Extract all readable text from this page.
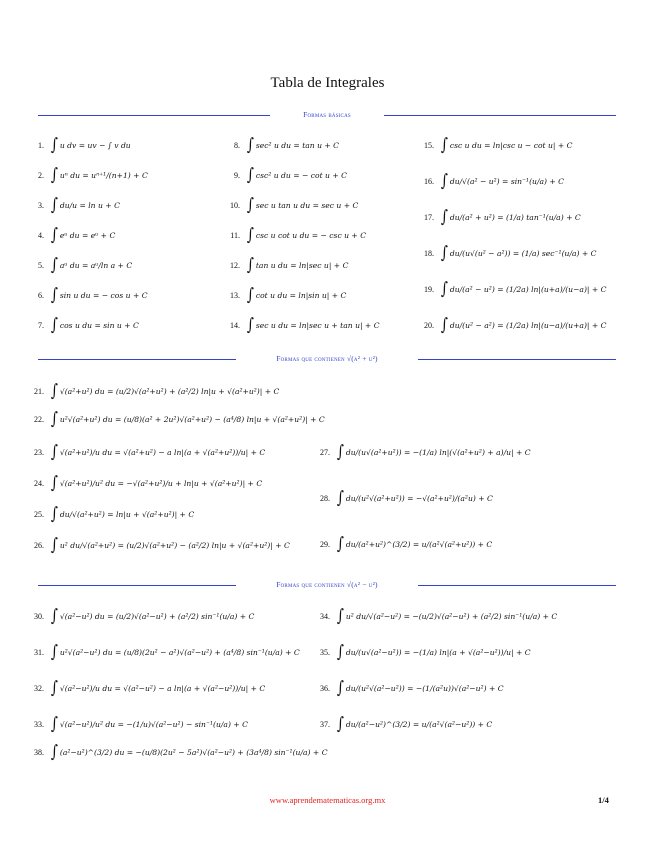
Tabla de Integrales
Formas básicas
Formas que contienen √(a² + u²)
Formas que contienen √(a² − u²)
1. ∫ u dv = uv − ∫ v du
2. ∫ uⁿ du = uⁿ⁺¹/(n+1) + C
3. ∫ du/u = ln u + C
4. ∫ eᵘ du = eᵘ + C
5. ∫ aᵘ du = aᵘ/ln a + C
6. ∫ sin u du = − cos u + C
7. ∫ cos u du = sin u + C
8. ∫ sec² u du = tan u + C
9. ∫ csc² u du = − cot u + C
10. ∫ sec u tan u du = sec u + C
11. ∫ csc u cot u du = − csc u + C
12. ∫ tan u du = ln|sec u| + C
13. ∫ cot u du = ln|sin u| + C
14. ∫ sec u du = ln|sec u + tan u| + C
15. ∫ csc u du = ln|csc u − cot u| + C
16. ∫ du/√(a² − u²) = sin⁻¹(u/a) + C
17. ∫ du/(a² + u²) = (1/a) tan⁻¹(u/a) + C
18. ∫ du/(u√(u² − a²)) = (1/a) sec⁻¹(u/a) + C
19. ∫ du/(a² − u²) = (1/2a) ln|(u+a)/(u−a)| + C
20. ∫ du/(u² − a²) = (1/2a) ln|(u−a)/(u+a)| + C
21. ∫ √(a²+u²) du = (u/2)√(a²+u²) + (a²/2) ln|u + √(a²+u²)| + C
22. ∫ u²√(a²+u²) du = (u/8)(a² + 2u²)√(a²+u²) − (a⁴/8) ln|u + √(a²+u²)| + C
23. ∫ √(a²+u²)/u du = √(a²+u²) − a ln|(a + √(a²+u²))/u| + C
24. ∫ √(a²+u²)/u² du = −√(a²+u²)/u + ln|u + √(a²+u²)| + C
25. ∫ du/√(a²+u²) = ln|u + √(a²+u²)| + C
26. ∫ u² du/√(a²+u²) = (u/2)√(a²+u²) − (a²/2) ln|u + √(a²+u²)| + C
27. ∫ du/(u√(a²+u²)) = −(1/a) ln|(√(a²+u²) + a)/u| + C
28. ∫ du/(u²√(a²+u²)) = −√(a²+u²)/(a²u) + C
29. ∫ du/(a²+u²)^(3/2) = u/(a²√(a²+u²)) + C
30. ∫ √(a²−u²) du = (u/2)√(a²−u²) + (a²/2) sin⁻¹(u/a) + C
31. ∫ u²√(a²−u²) du = (u/8)(2u² − a²)√(a²−u²) + (a⁴/8) sin⁻¹(u/a) + C
32. ∫ √(a²−u²)/u du = √(a²−u²) − a ln|(a + √(a²−u²))/u| + C
33. ∫ √(a²−u²)/u² du = −(1/u)√(a²−u²) − sin⁻¹(u/a) + C
34. ∫ u² du/√(a²−u²) = −(u/2)√(a²−u²) + (a²/2) sin⁻¹(u/a) + C
35. ∫ du/(u√(a²−u²)) = −(1/a) ln|(a + √(a²−u²))/u| + C
36. ∫ du/(u²√(a²−u²)) = −(1/(a²u))√(a²−u²) + C
37. ∫ du/(a²−u²)^(3/2) = u/(a²√(a²−u²)) + C
38. ∫ (a²−u²)^(3/2) du = −(u/8)(2u² − 5a²)√(a²−u²) + (3a⁴/8) sin⁻¹(u/a) + C
www.aprendematematicas.org.mx	1/4
